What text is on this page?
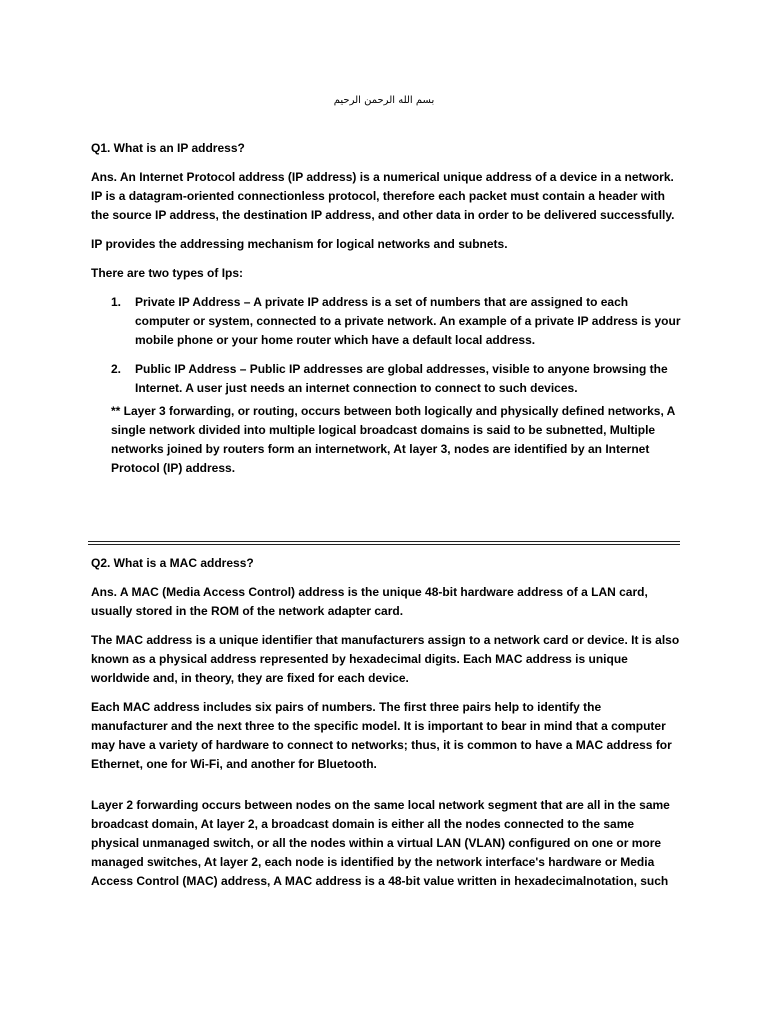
بسم الله الرحمن الرحيم

Q1. What is an IP address?

Ans. An Internet Protocol address (IP address) is a numerical unique address of a device in a network. IP is a datagram-oriented connectionless protocol, therefore each packet must contain a header with the source IP address, the destination IP address, and other data in order to be delivered successfully.

IP provides the addressing mechanism for logical networks and subnets.

There are two types of Ips:

1. Private IP Address – A private IP address is a set of numbers that are assigned to each computer or system, connected to a private network. An example of a private IP address is your mobile phone or your home router which have a default local address.
2. Public IP Address – Public IP addresses are global addresses, visible to anyone browsing the Internet. A user just needs an internet connection to connect to such devices.

** Layer 3 forwarding, or routing, occurs between both logically and physically defined networks, A single network divided into multiple logical broadcast domains is said to be subnetted, Multiple networks joined by routers form an internetwork, At layer 3, nodes are identified by an Internet Protocol (IP) address.

Q2. What is a MAC address?

Ans. A MAC (Media Access Control) address is the unique 48-bit hardware address of a LAN card, usually stored in the ROM of the network adapter card.

The MAC address is a unique identifier that manufacturers assign to a network card or device. It is also known as a physical address represented by hexadecimal digits. Each MAC address is unique worldwide and, in theory, they are fixed for each device.

Each MAC address includes six pairs of numbers. The first three pairs help to identify the manufacturer and the next three to the specific model. It is important to bear in mind that a computer may have a variety of hardware to connect to networks; thus, it is common to have a MAC address for Ethernet, one for Wi-Fi, and another for Bluetooth.

Layer 2 forwarding occurs between nodes on the same local network segment that are all in the same broadcast domain, At layer 2, a broadcast domain is either all the nodes connected to the same physical unmanaged switch, or all the nodes within a virtual LAN (VLAN) configured on one or more managed switches, At layer 2, each node is identified by the network interface's hardware or Media Access Control (MAC) address, A MAC address is a 48-bit value written in hexadecimalnotation, such
